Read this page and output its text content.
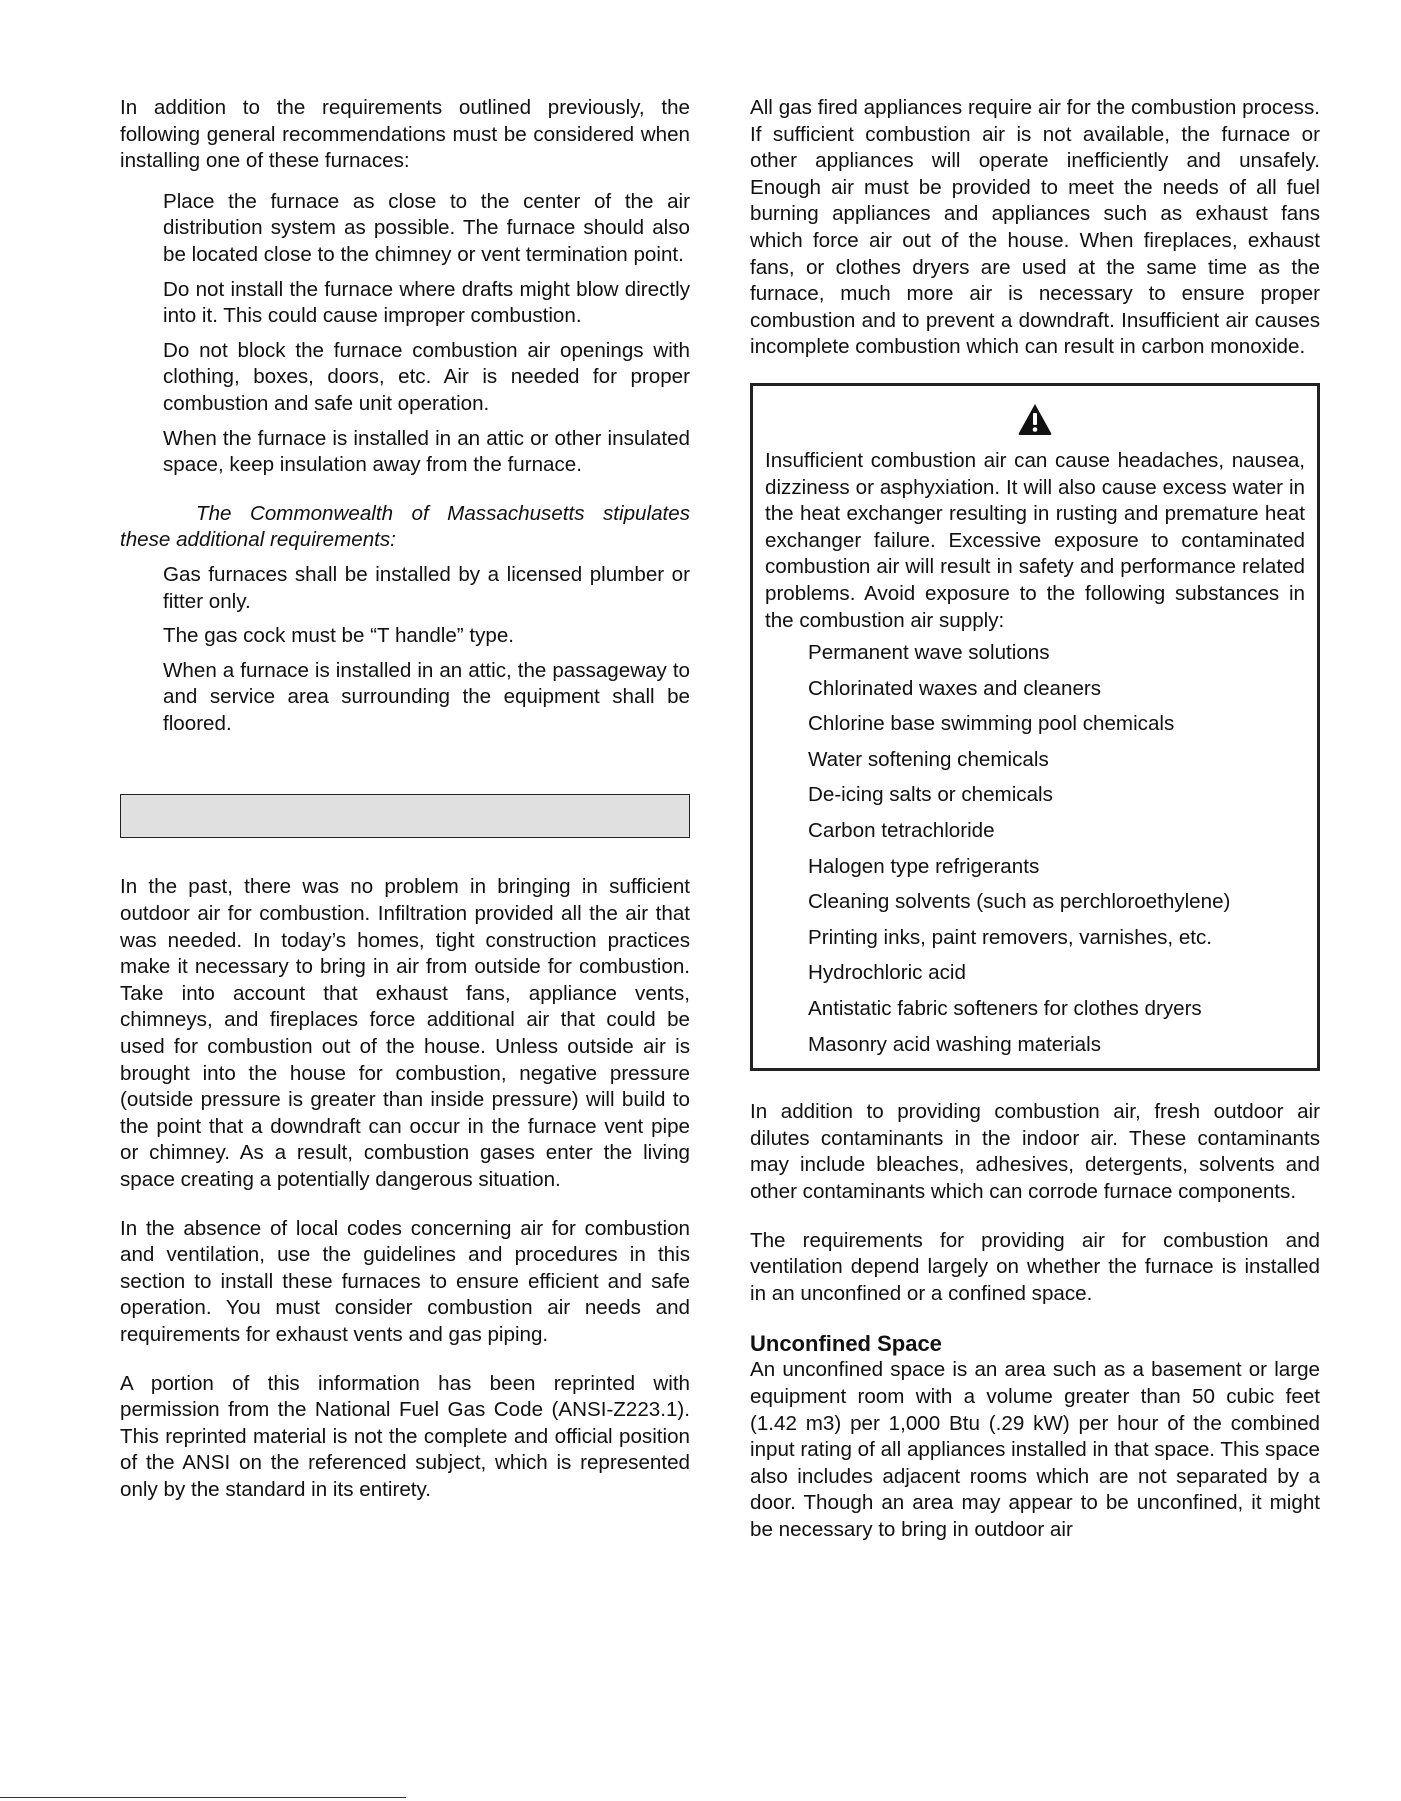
In addition to the requirements outlined previously, the following general recommendations must be considered when installing one of these furnaces:

Place the furnace as close to the center of the air distribution system as possible. The furnace should also be located close to the chimney or vent termination point.

Do not install the furnace where drafts might blow directly into it. This could cause improper combustion.

Do not block the furnace combustion air openings with clothing, boxes, doors, etc. Air is needed for proper combustion and safe unit operation.

When the furnace is installed in an attic or other insulated space, keep insulation away from the furnace.

The Commonwealth of Massachusetts stipulates these additional requirements:

Gas furnaces shall be installed by a licensed plumber or fitter only.

The gas cock must be “T handle” type.

When a furnace is installed in an attic, the passageway to and service area surrounding the equipment shall be floored.

In the past, there was no problem in bringing in sufficient outdoor air for combustion. Infiltration provided all the air that was needed. In today’s homes, tight construction practices make it necessary to bring in air from outside for combustion. Take into account that exhaust fans, appliance vents, chimneys, and fireplaces force additional air that could be used for combustion out of the house. Unless outside air is brought into the house for combustion, negative pressure (outside pressure is greater than inside pressure) will build to the point that a downdraft can occur in the furnace vent pipe or chimney. As a result, combustion gases enter the living space creating a potentially dangerous situation.

In the absence of local codes concerning air for combustion and ventilation, use the guidelines and procedures in this section to install these furnaces to ensure efficient and safe operation. You must consider combustion air needs and requirements for exhaust vents and gas piping.

A portion of this information has been reprinted with permission from the National Fuel Gas Code (ANSI-Z223.1). This reprinted material is not the complete and official position of the ANSI on the referenced subject, which is represented only by the standard in its entirety.

All gas fired appliances require air for the combustion process. If sufficient combustion air is not available, the furnace or other appliances will operate inefficiently and unsafely. Enough air must be provided to meet the needs of all fuel burning appliances and appliances such as exhaust fans which force air out of the house. When fireplaces, exhaust fans, or clothes dryers are used at the same time as the furnace, much more air is necessary to ensure proper combustion and to prevent a downdraft. Insufficient air causes incomplete combustion which can result in carbon monoxide.

Insufficient combustion air can cause headaches, nausea, dizziness or asphyxiation. It will also cause excess water in the heat exchanger resulting in rusting and premature heat exchanger failure. Excessive exposure to contaminated combustion air will result in safety and performance related problems. Avoid exposure to the following substances in the combustion air supply:

Permanent wave solutions
Chlorinated waxes and cleaners
Chlorine base swimming pool chemicals
Water softening chemicals
De-icing salts or chemicals
Carbon tetrachloride
Halogen type refrigerants
Cleaning solvents (such as perchloroethylene)
Printing inks, paint removers, varnishes, etc.
Hydrochloric acid
Antistatic fabric softeners for clothes dryers
Masonry acid washing materials

In addition to providing combustion air, fresh outdoor air dilutes contaminants in the indoor air. These contaminants may include bleaches, adhesives, detergents, solvents and other contaminants which can corrode furnace components.

The requirements for providing air for combustion and ventilation depend largely on whether the furnace is installed in an unconfined or a confined space.

Unconfined Space

An unconfined space is an area such as a basement or large equipment room with a volume greater than 50 cubic feet (1.42 m3) per 1,000 Btu (.29 kW) per hour of the combined input rating of all appliances installed in that space. This space also includes adjacent rooms which are not separated by a door. Though an area may appear to be unconfined, it might be necessary to bring in outdoor air
